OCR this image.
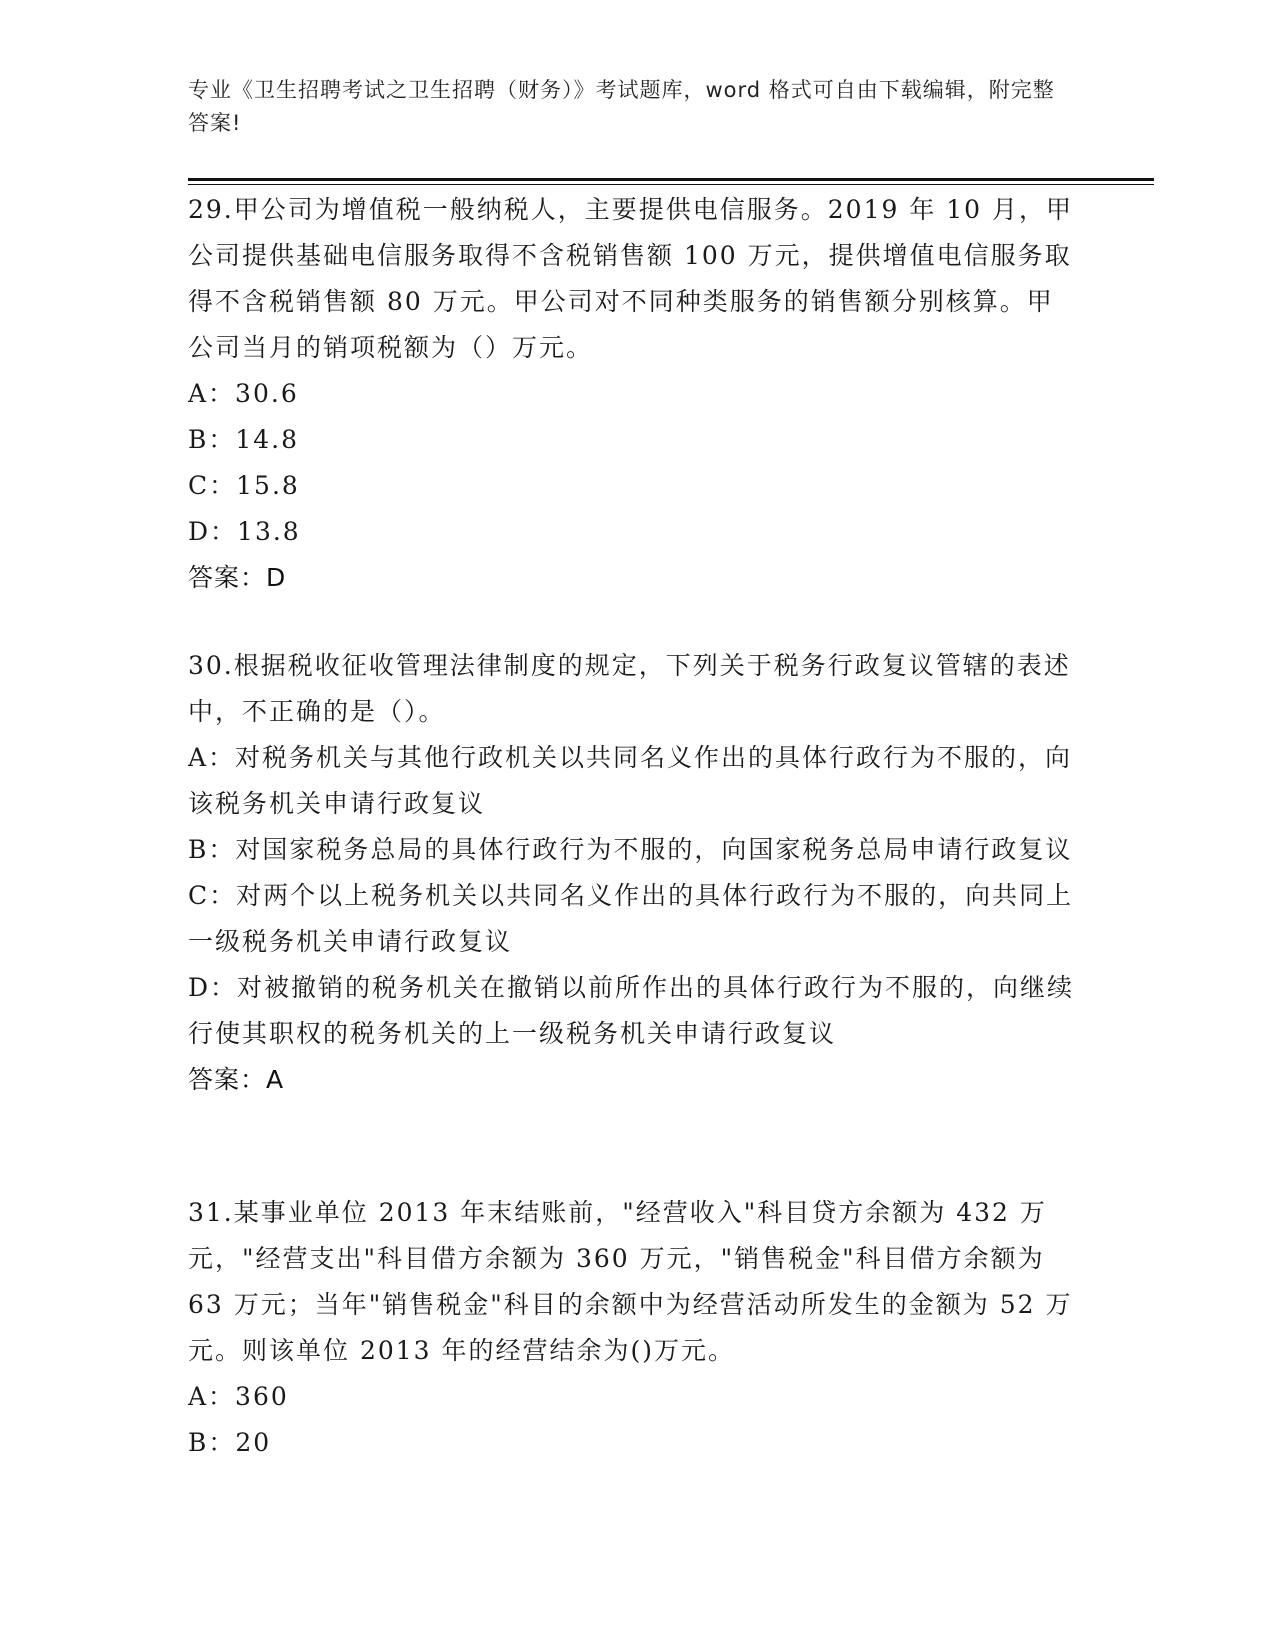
专业《卫生招聘考试之卫生招聘（财务）》考试题库，word 格式可自由下载编辑，附完整答案!

29.甲公司为增值税一般纳税人，主要提供电信服务。2019 年 10 月，甲公司提供基础电信服务取得不含税销售额 100 万元，提供增值电信服务取得不含税销售额 80 万元。甲公司对不同种类服务的销售额分别核算。甲公司当月的销项税额为（）万元。

A：30.6

B：14.8

C：15.8

D：13.8

答案：D

30.根据税收征收管理法律制度的规定，下列关于税务行政复议管辖的表述中，不正确的是（）。

A：对税务机关与其他行政机关以共同名义作出的具体行政行为不服的，向该税务机关申请行政复议

B：对国家税务总局的具体行政行为不服的，向国家税务总局申请行政复议

C：对两个以上税务机关以共同名义作出的具体行政行为不服的，向共同上一级税务机关申请行政复议

D：对被撤销的税务机关在撤销以前所作出的具体行政行为不服的，向继续行使其职权的税务机关的上一级税务机关申请行政复议

答案：A

31.某事业单位 2013 年末结账前，"经营收入"科目贷方余额为 432 万元，"经营支出"科目借方余额为 360 万元，"销售税金"科目借方余额为 63 万元；当年"销售税金"科目的余额中为经营活动所发生的金额为 52 万元。则该单位 2013 年的经营结余为()万元。

A：360

B：20
